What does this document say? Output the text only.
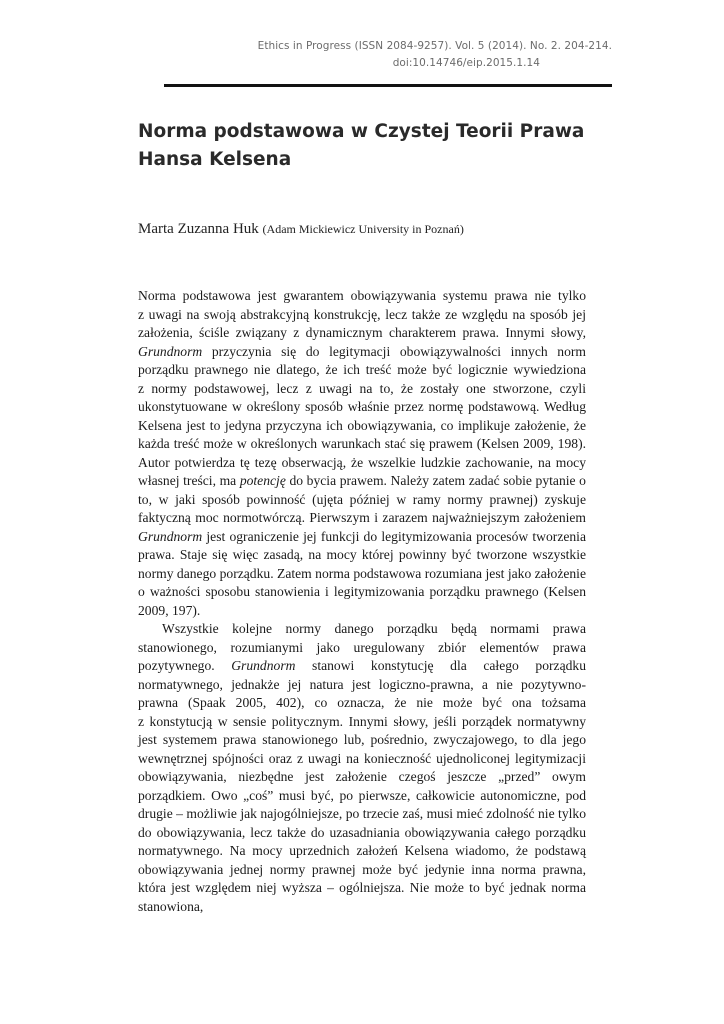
Ethics in Progress (ISSN 2084-9257). Vol. 5 (2014). No. 2. 204-214.
doi:10.14746/eip.2015.1.14
Norma podstawowa w Czystej Teorii Prawa Hansa Kelsena
Marta Zuzanna Huk (Adam Mickiewicz University in Poznań)

Norma podstawowa jest gwarantem obowiązywania systemu prawa nie tylko z uwagi na swoją abstrakcyjną konstrukcję, lecz także ze względu na sposób jej założenia, ściśle związany z dynamicznym charakterem prawa. Innymi słowy, Grundnorm przyczynia się do legitymacji obowiązywalności innych norm porządku prawnego nie dlatego, że ich treść może być logicznie wywiedziona z normy podstawowej, lecz z uwagi na to, że zostały one stworzone, czyli ukonstytuowane w określony sposób właśnie przez normę podstawową. Według Kelsena jest to jedyna przyczyna ich obowiązywania, co implikuje założenie, że każda treść może w określonych warunkach stać się prawem (Kelsen 2009, 198). Autor potwierdza tę tezę obserwacją, że wszelkie ludzkie zachowanie, na mocy własnej treści, ma potencję do bycia prawem. Należy zatem zadać sobie pytanie o to, w jaki sposób powinność (ujęta później w ramy normy prawnej) zyskuje faktyczną moc normotwórczą. Pierwszym i zarazem najważniejszym założeniem Grundnorm jest ograniczenie jej funkcji do legitymizowania procesów tworzenia prawa. Staje się więc zasadą, na mocy której powinny być tworzone wszystkie normy danego porządku. Zatem norma podstawowa rozumiana jest jako założenie o ważności sposobu stanowienia i legitymizowania porządku prawnego (Kelsen 2009, 197).

Wszystkie kolejne normy danego porządku będą normami prawa stanowionego, rozumianymi jako uregulowany zbiór elementów prawa pozytywnego. Grundnorm stanowi konstytucję dla całego porządku normatywnego, jednakże jej natura jest logiczno-prawna, a nie pozytywno-prawna (Spaak 2005, 402), co oznacza, że nie może być ona tożsama z konstytucją w sensie politycznym. Innymi słowy, jeśli porządek normatywny jest systemem prawa stanowionego lub, pośrednio, zwyczajowego, to dla jego wewnętrznej spójności oraz z uwagi na konieczność ujednoliconej legitymizacji obowiązywania, niezbędne jest założenie czegoś jeszcze „przed” owym porządkiem. Owo „coś” musi być, po pierwsze, całkowicie autonomiczne, pod drugie – możliwie jak najogólniejsze, po trzecie zaś, musi mieć zdolność nie tylko do obowiązywania, lecz także do uzasadniania obowiązywania całego porządku normatywnego. Na mocy uprzednich założeń Kelsena wiadomo, że podstawą obowiązywania jednej normy prawnej może być jedynie inna norma prawna, która jest względem niej wyższa – ogólniejsza. Nie może to być jednak norma stanowiona,
